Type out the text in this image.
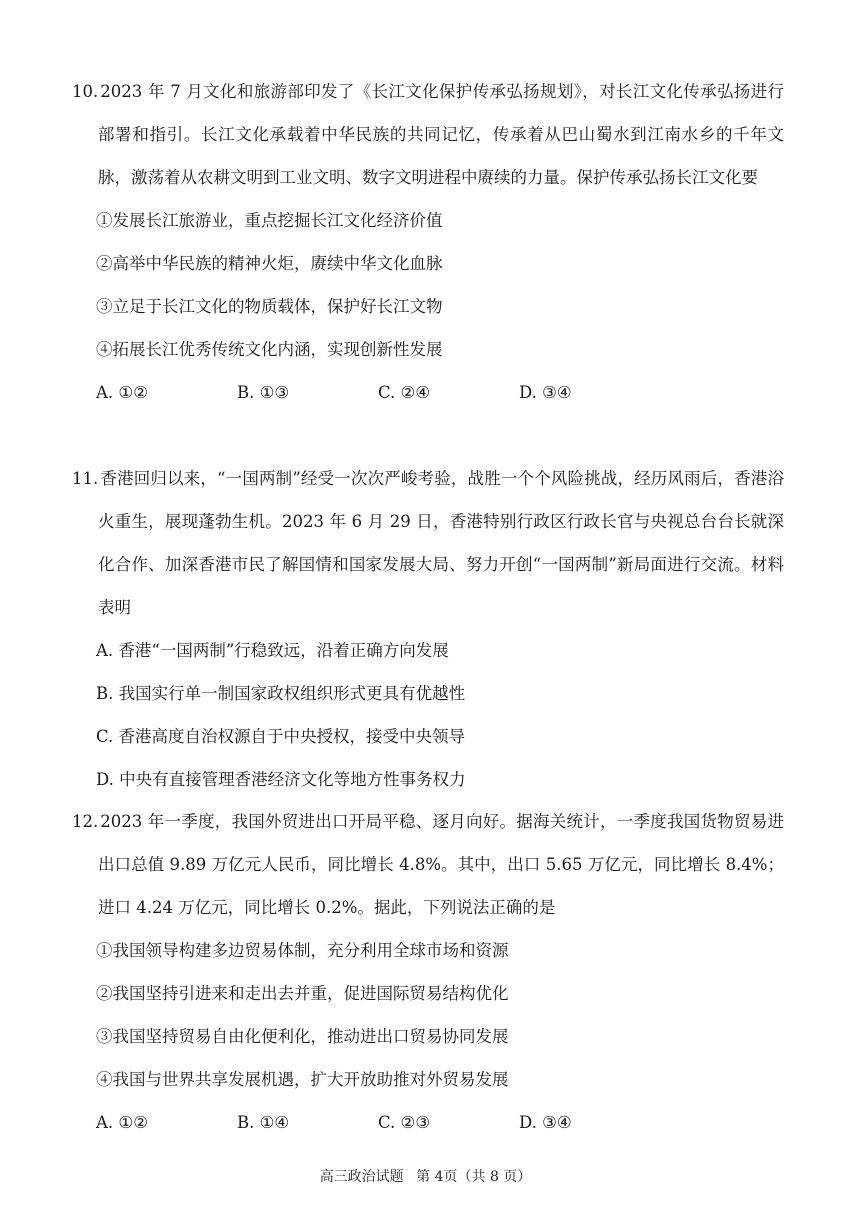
10. 2023 年 7 月文化和旅游部印发了《长江文化保护传承弘扬规划》，对长江文化传承弘扬进行部署和指引。长江文化承载着中华民族的共同记忆，传承着从巴山蜀水到江南水乡的千年文脉，激荡着从农耕文明到工业文明、数字文明进程中赓续的力量。保护传承弘扬长江文化要

①发展长江旅游业，重点挖掘长江文化经济价值

②高举中华民族的精神火炬，赓续中华文化血脉

③立足于长江文化的物质载体，保护好长江文物

④拓展长江优秀传统文化内涵，实现创新性发展

A. ①②	B. ①③	C. ②④	D. ③④

11. 香港回归以来，“一国两制”经受一次次严峻考验，战胜一个个风险挑战，经历风雨后，香港浴火重生，展现蓬勃生机。2023 年 6 月 29 日，香港特别行政区行政长官与央视总台台长就深化合作、加深香港市民了解国情和国家发展大局、努力开创“一国两制”新局面进行交流。材料表明

A. 香港“一国两制”行稳致远，沿着正确方向发展

B. 我国实行单一制国家政权组织形式更具有优越性

C. 香港高度自治权源自于中央授权，接受中央领导

D. 中央有直接管理香港经济文化等地方性事务权力

12. 2023 年一季度，我国外贸进出口开局平稳、逐月向好。据海关统计，一季度我国货物贸易进出口总值 9.89 万亿元人民币，同比增长 4.8%。其中，出口 5.65 万亿元，同比增长 8.4%；进口 4.24 万亿元，同比增长 0.2%。据此，下列说法正确的是

①我国领导构建多边贸易体制，充分利用全球市场和资源

②我国坚持引进来和走出去并重，促进国际贸易结构优化

③我国坚持贸易自由化便利化，推动进出口贸易协同发展

④我国与世界共享发展机遇，扩大开放助推对外贸易发展

A. ①②	B. ①④	C. ②③	D. ③④
高三政治试题 第 4页（共 8 页）
